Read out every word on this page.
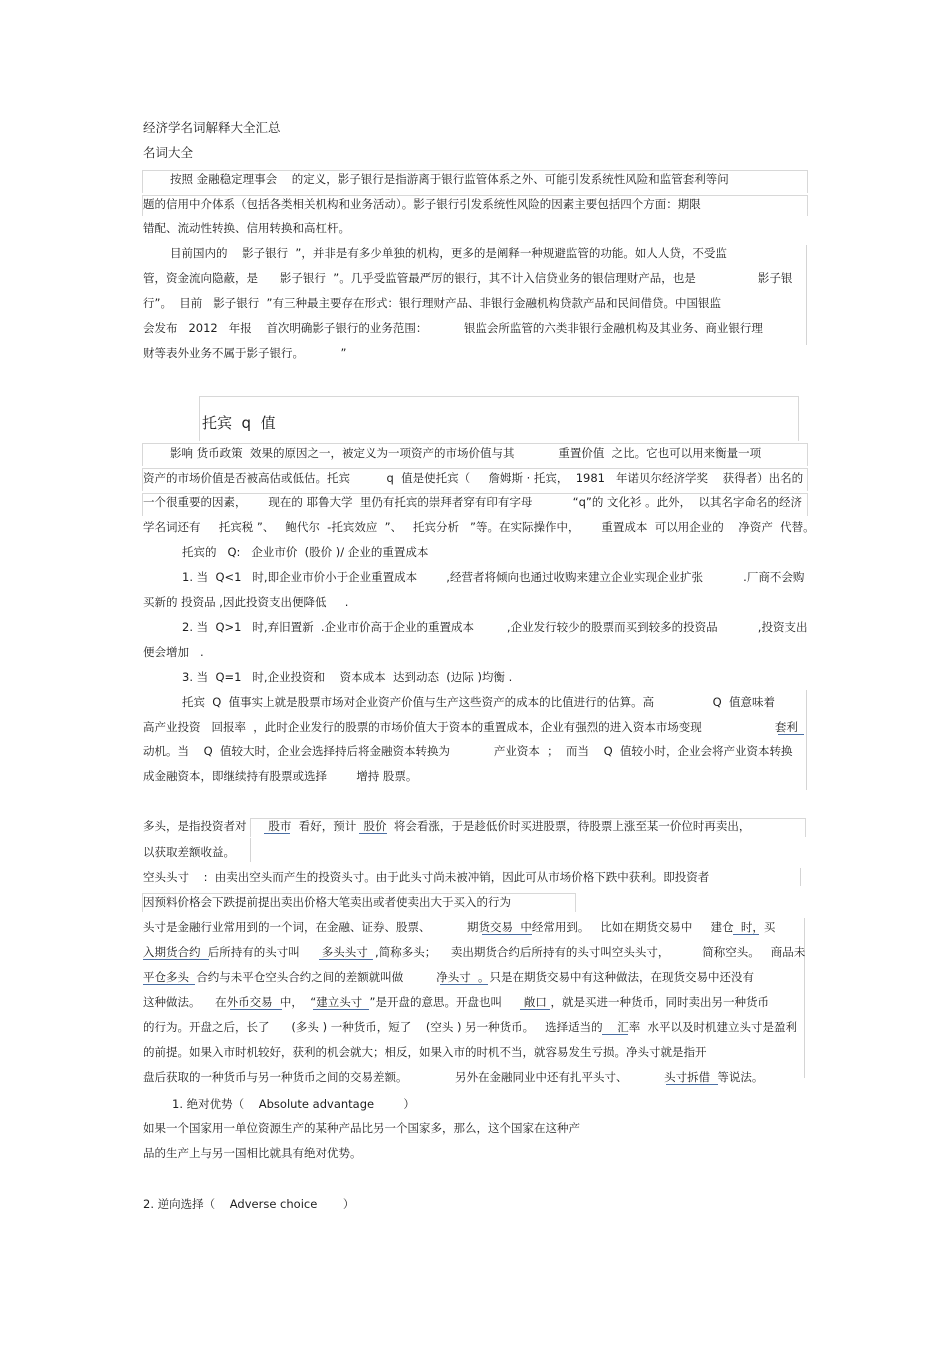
经济学名词解释大全汇总
名词大全
按照 金融稳定理事会    的定义，影子银行是指游离于银行监管体系之外、可能引发系统性风险和监管套利等问
题的信用中介体系（包括各类相关机构和业务活动）。影子银行引发系统性风险的因素主要包括四个方面：期限
错配、流动性转换、信用转换和高杠杆。
目前国内的    影子银行  ”，并非是有多少单独的机构，更多的是阐释一种规避监管的功能。如人人贷，不受监
管，资金流向隐蔽，是      影子银行  ”。几乎受监管最严厉的银行，其不计入信贷业务的银信理财产品，也是                 影子银
行”。  目前   影子银行  ”有三种最主要存在形式：银行理财产品、非银行金融机构贷款产品和民间借贷。中国银监
会发布   2012   年报    首次明确影子银行的业务范围：          银监会所监管的六类非银行金融机构及其业务、商业银行理
财等表外业务不属于影子银行。          ”
托宾  q  值
影响 货币政策  效果的原因之一，被定义为一项资产的市场价值与其            重置价值  之比。它也可以用来衡量一项
资产的市场价值是否被高估或低估。托宾          q  值是使托宾（     詹姆斯 · 托宾，  1981   年诺贝尔经济学奖    获得者）出名的
一个很重要的因素，      现在的 耶鲁大学  里仍有托宾的崇拜者穿有印有字母           “q”的 文化衫 。此外，  以其名字命名的经济
学名词还有     托宾税 ”、   鲍代尔  -托宾效应  ”、   托宾分析   ”等。在实际操作中，      重置成本  可以用企业的    净资产  代替。
托宾的   Q:   企业市价  (股价 )/ 企业的重置成本
1. 当  Q<1   时,即企业市价小于企业重置成本        ,经营者将倾向也通过收购来建立企业实现企业扩张           .厂商不会购
买新的 投资品 ,因此投资支出便降低     .
2. 当  Q>1   时,弃旧置新  .企业市价高于企业的重置成本         ,企业发行较少的股票而买到较多的投资品           ,投资支出
便会增加   .
3. 当  Q=1   时,企业投资和    资本成本  达到动态  (边际 )均衡 .
托宾  Q  值事实上就是股票市场对企业资产价值与生产这些资产的成本的比值进行的估算。高                Q  值意味着
高产业投资   回报率  ，此时企业发行的股票的市场价值大于资本的重置成本，企业有强烈的进入资本市场变现                    套利
动机。当    Q  值较大时，企业会选择持后将金融资本转换为            产业资本  ；  而当    Q  值较小时，企业会将产业资本转换
成金融资本，即继续持有股票或选择        增持 股票。
多头，是指投资者对      股市  看好，预计  股价  将会看涨，于是趁低价时买进股票，待股票上涨至某一价位时再卖出，
以获取差额收益。
空头头寸    :  由卖出空头而产生的投资头寸。由于此头寸尚未被冲销，因此可从市场价格下跌中获利。即投资者
因预料价格会下跌提前提出卖出价格大笔卖出或者使卖出大于买入的行为
头寸是金融行业常用到的一个词，在金融、证券、股票、          期货交易  中经常用到。   比如在期货交易中     建仓  时，买
入期货合约  后所持有的头寸叫      多头头寸  ,简称多头；    卖出期货合约后所持有的头寸叫空头头寸，         简称空头。   商品未
平仓多头  合约与未平仓空头合约之间的差额就叫做         净头寸  。只是在期货交易中有这种做法，在现货交易中还没有
这种做法。    在外币交易  中，  “建立头寸  ”是开盘的意思。开盘也叫      敞口 ，就是买进一种货币，同时卖出另一种货币
的行为。开盘之后，长了      (多头 ) 一种货币，短了    (空头 ) 另一种货币。   选择适当的    汇率  水平以及时机建立头寸是盈利
的前提。如果入市时机较好，获利的机会就大；相反，如果入市的时机不当，就容易发生亏损。净头寸就是指开
盘后获取的一种货币与另一种货币之间的交易差额。             另外在金融同业中还有扎平头寸、          头寸拆借  等说法。
1. 绝对优势（    Absolute advantage        ）
如果一个国家用一单位资源生产的某种产品比另一个国家多，那么，这个国家在这种产
品的生产上与另一国相比就具有绝对优势。
2. 逆向选择（    Adverse choice       ）
